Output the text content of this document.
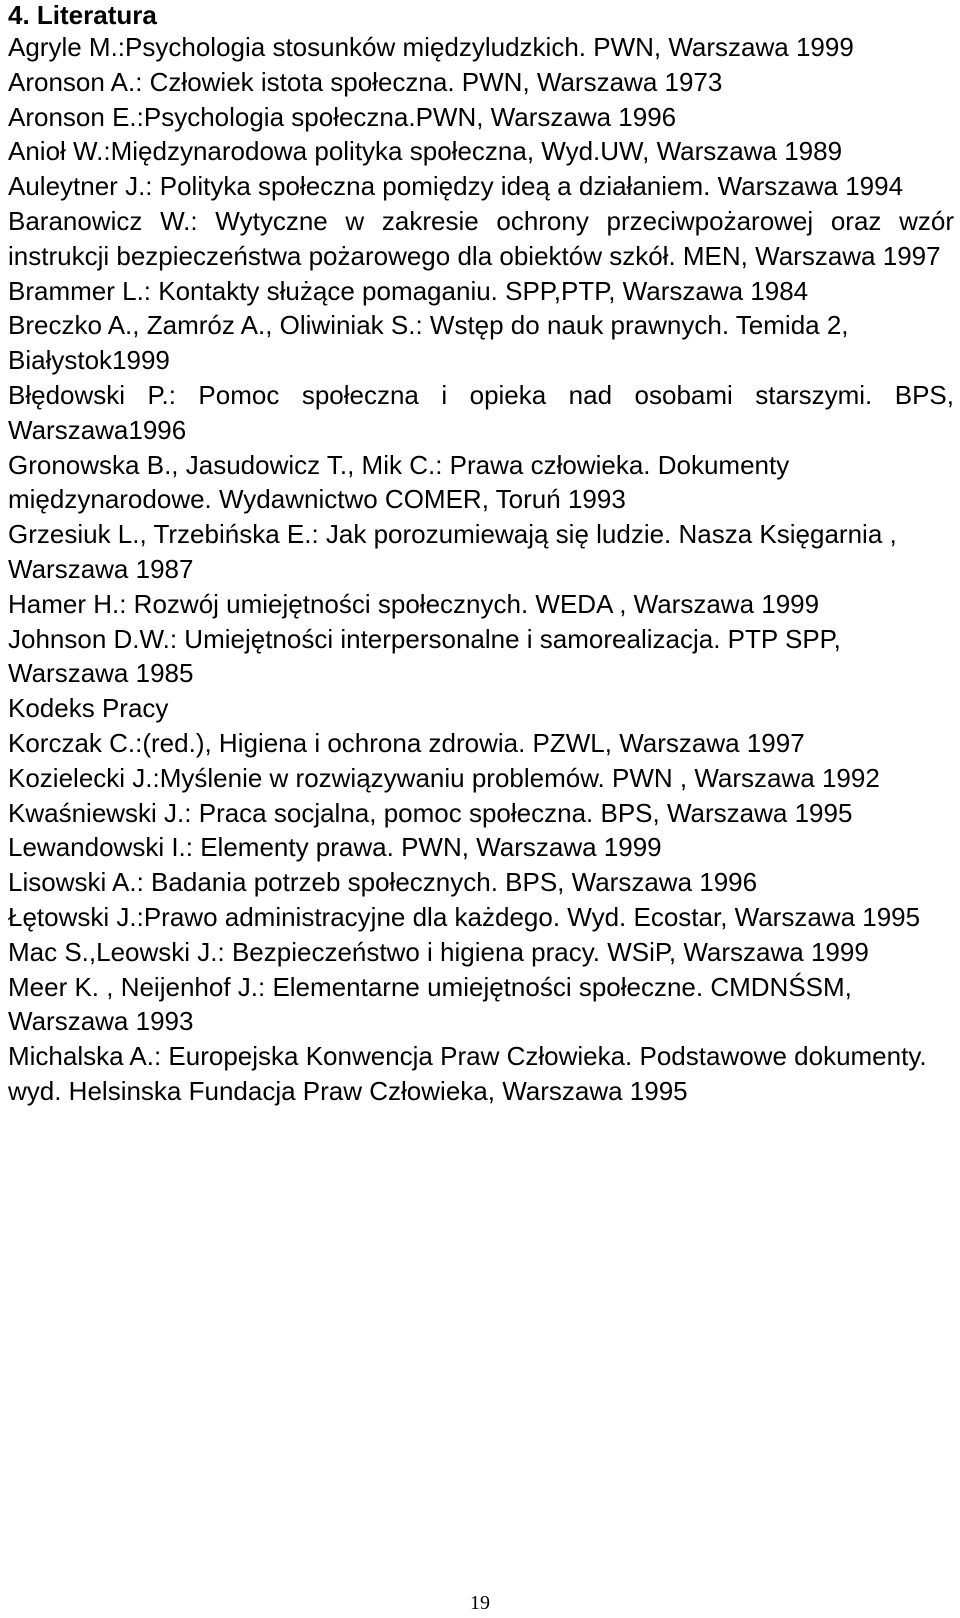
4. Literatura
Agryle M.:Psychologia stosunków międzyludzkich. PWN, Warszawa 1999
Aronson A.: Człowiek istota społeczna. PWN, Warszawa 1973
Aronson E.:Psychologia społeczna.PWN, Warszawa 1996
Anioł W.:Międzynarodowa polityka społeczna, Wyd.UW, Warszawa 1989
Auleytner J.: Polityka społeczna pomiędzy ideą a działaniem. Warszawa 1994
Baranowicz W.: Wytyczne w zakresie ochrony przeciwpożarowej oraz wzór instrukcji bezpieczeństwa pożarowego dla obiektów szkół. MEN, Warszawa 1997
Brammer L.: Kontakty służące pomaganiu. SPP,PTP, Warszawa 1984
Breczko A., Zamróz A., Oliwiniak S.: Wstęp do nauk prawnych. Temida 2, Białystok1999
Błędowski P.: Pomoc społeczna i opieka nad osobami starszymi. BPS, Warszawa1996
Gronowska B., Jasudowicz T., Mik C.: Prawa człowieka. Dokumenty międzynarodowe. Wydawnictwo COMER, Toruń 1993
Grzesiuk L., Trzebińska E.: Jak porozumiewają się ludzie. Nasza Księgarnia , Warszawa 1987
Hamer H.: Rozwój umiejętności społecznych. WEDA , Warszawa 1999
Johnson D.W.: Umiejętności interpersonalne i samorealizacja. PTP SPP, Warszawa 1985
Kodeks Pracy
Korczak C.:(red.), Higiena i ochrona zdrowia. PZWL, Warszawa 1997
Kozielecki J.:Myślenie w rozwiązywaniu problemów. PWN , Warszawa 1992
Kwaśniewski J.: Praca socjalna, pomoc społeczna. BPS, Warszawa 1995
Lewandowski I.: Elementy prawa. PWN, Warszawa 1999
Lisowski A.: Badania potrzeb społecznych. BPS, Warszawa 1996
Łętowski J.:Prawo administracyjne dla każdego. Wyd. Ecostar, Warszawa 1995
Mac S.,Leowski J.: Bezpieczeństwo i higiena pracy. WSiP, Warszawa 1999
Meer K. , Neijenhof J.: Elementarne umiejętności społeczne. CMDNŚSM, Warszawa 1993
Michalska A.: Europejska Konwencja Praw Człowieka. Podstawowe dokumenty. wyd. Helsinska Fundacja Praw Człowieka, Warszawa 1995
19
